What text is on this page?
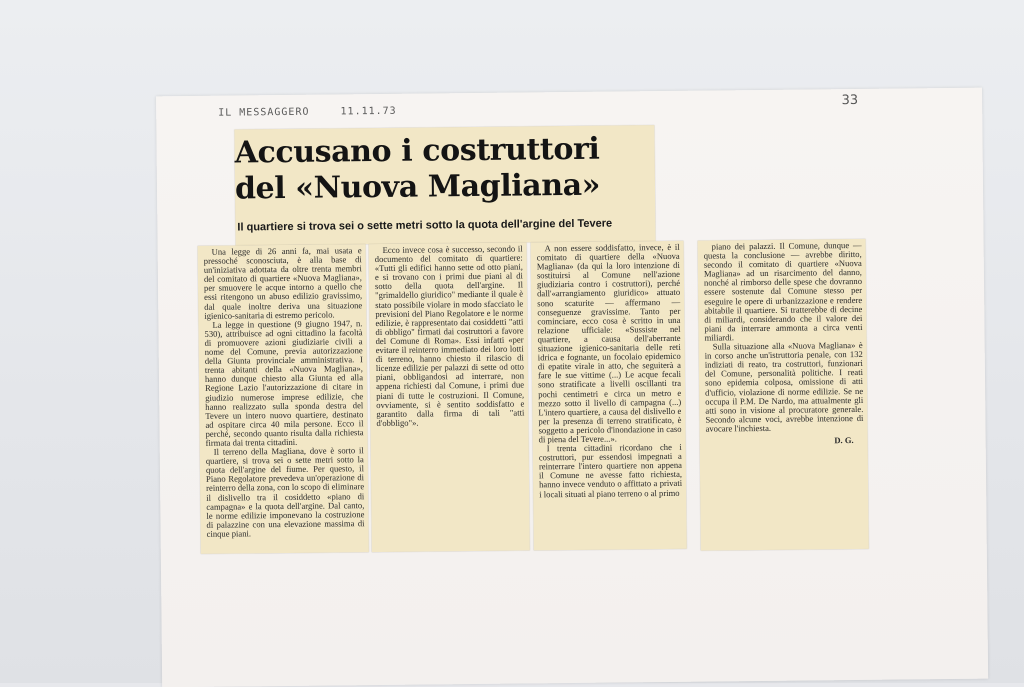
IL MESSAGGERO	11.11.73
33
Accusano i costruttori del «Nuova Magliana»
Il quartiere si trova sei o sette metri sotto la quota dell'argine del Tevere

Una legge di 26 anni fa, mai usata e pressoché sconosciuta, è alla base di un'iniziativa adottata da oltre trenta membri del comitato di quartiere «Nuova Magliana», per smuovere le acque intorno a quello che essi ritengono un abuso edilizio gravissimo, dal quale inoltre deriva una situazione igienico-sanitaria di estremo pericolo.

La legge in questione (9 giugno 1947, n. 530), attribuisce ad ogni cittadino la facoltà di promuovere azioni giudiziarie civili a nome del Comune, previa autorizzazione della Giunta provinciale amministrativa. I trenta abitanti della «Nuova Magliana», hanno dunque chiesto alla Giunta ed alla Regione Lazio l'autorizzazione di citare in giudizio numerose imprese edilizie, che hanno realizzato sulla sponda destra del Tevere un intero nuovo quartiere, destinato ad ospitare circa 40 mila persone. Ecco il perché, secondo quanto risulta dalla richiesta firmata dai trenta cittadini.

Il terreno della Magliana, dove è sorto il quartiere, si trova sei o sette metri sotto la quota dell'argine del fiume. Per questo, il Piano Regolatore prevedeva un'operazione di reinterro della zona, con lo scopo di eliminare il dislivello tra il cosiddetto «piano di campagna» e la quota dell'argine. Dal canto, le norme edilizie imponevano la costruzione di palazzine con una elevazione massima di cinque piani.

Ecco invece cosa è successo, secondo il documento del comitato di quartiere: «Tutti gli edifici hanno sette od otto piani, e si trovano con i primi due piani al di sotto della quota dell'argine. Il "grimaldello giuridico" mediante il quale è stato possibile violare in modo sfacciato le previsioni del Piano Regolatore e le norme edilizie, è rappresentato dai cosiddetti "atti di obbligo" firmati dai costruttori a favore del Comune di Roma». Essi infatti «per evitare il reinterro immediato dei loro lotti di terreno, hanno chiesto il rilascio di licenze edilizie per palazzi di sette od otto piani, obbligandosi ad interrare, non appena richiesti dal Comune, i primi due piani di tutte le costruzioni. Il Comune, ovviamente, si è sentito soddisfatto e garantito dalla firma di tali "atti d'obbligo"».

A non essere soddisfatto, invece, è il comitato di quartiere della «Nuova Magliana» (da qui la loro intenzione di sostituirsi al Comune nell'azione giudiziaria contro i costruttori), perché dall'«arrangiamento giuridico» attuato sono scaturite — affermano — conseguenze gravissime. Tanto per cominciare, ecco cosa è scritto in una relazione ufficiale: «Sussiste nel quartiere, a causa dell'aberrante situazione igienico-sanitaria delle reti idrica e fognante, un focolaio epidemico di epatite virale in atto, che seguiterà a fare le sue vittime (...) Le acque fecali sono stratificate a livelli oscillanti tra pochi centimetri e circa un metro e mezzo sotto il livello di campagna (...) L'intero quartiere, a causa del dislivello e per la presenza di terreno stratificato, è soggetto a pericolo d'inondazione in caso di piena del Tevere...».

I trenta cittadini ricordano che i costruttori, pur essendosi impegnati a reinterrare l'intero quartiere non appena il Comune ne avesse fatto richiesta, hanno invece venduto o affittato a privati i locali situati al piano terreno o al primo

piano dei palazzi. Il Comune, dunque — questa la conclusione — avrebbe diritto, secondo il comitato di quartiere «Nuova Magliana» ad un risarcimento del danno, nonché al rimborso delle spese che dovranno essere sostenute dal Comune stesso per eseguire le opere di urbanizzazione e rendere abitabile il quartiere. Si tratterebbe di decine di miliardi, considerando che il valore dei piani da interrare ammonta a circa venti miliardi.

Sulla situazione alla «Nuova Magliana» è in corso anche un'istruttoria penale, con 132 indiziati di reato, tra costruttori, funzionari del Comune, personalità politiche. I reati sono epidemia colposa, omissione di atti d'ufficio, violazione di norme edilizie. Se ne occupa il P.M. De Nardo, ma attualmente gli atti sono in visione al procuratore generale. Secondo alcune voci, avrebbe intenzione di avocare l'inchiesta.

D. G.
